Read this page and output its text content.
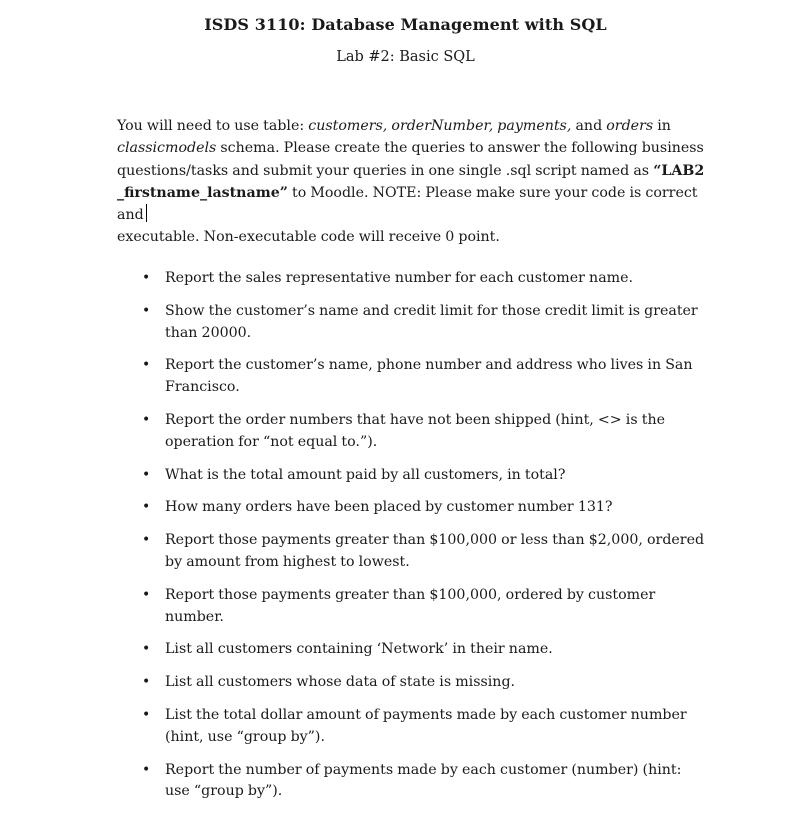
ISDS 3110: Database Management with SQL
Lab #2: Basic SQL
You will need to use table: customers, orderNumber, payments, and orders in classicmodels schema. Please create the queries to answer the following business questions/tasks and submit your queries in one single .sql script named as “LAB2 _firstname_lastname” to Moodle. NOTE: Please make sure your code is correct and
executable. Non-executable code will receive 0 point.
• Report the sales representative number for each customer name.
• Show the customer’s name and credit limit for those credit limit is greater than 20000.
• Report the customer’s name, phone number and address who lives in San Francisco.
• Report the order numbers that have not been shipped (hint, <> is the operation for “not equal to.”).
• What is the total amount paid by all customers, in total?
• How many orders have been placed by customer number 131?
• Report those payments greater than $100,000 or less than $2,000, ordered by amount from highest to lowest.
• Report those payments greater than $100,000, ordered by customer number.
• List all customers containing ‘Network’ in their name.
• List all customers whose data of state is missing.
• List the total dollar amount of payments made by each customer number (hint, use “group by”).
• Report the number of payments made by each customer (number) (hint: use “group by”).
